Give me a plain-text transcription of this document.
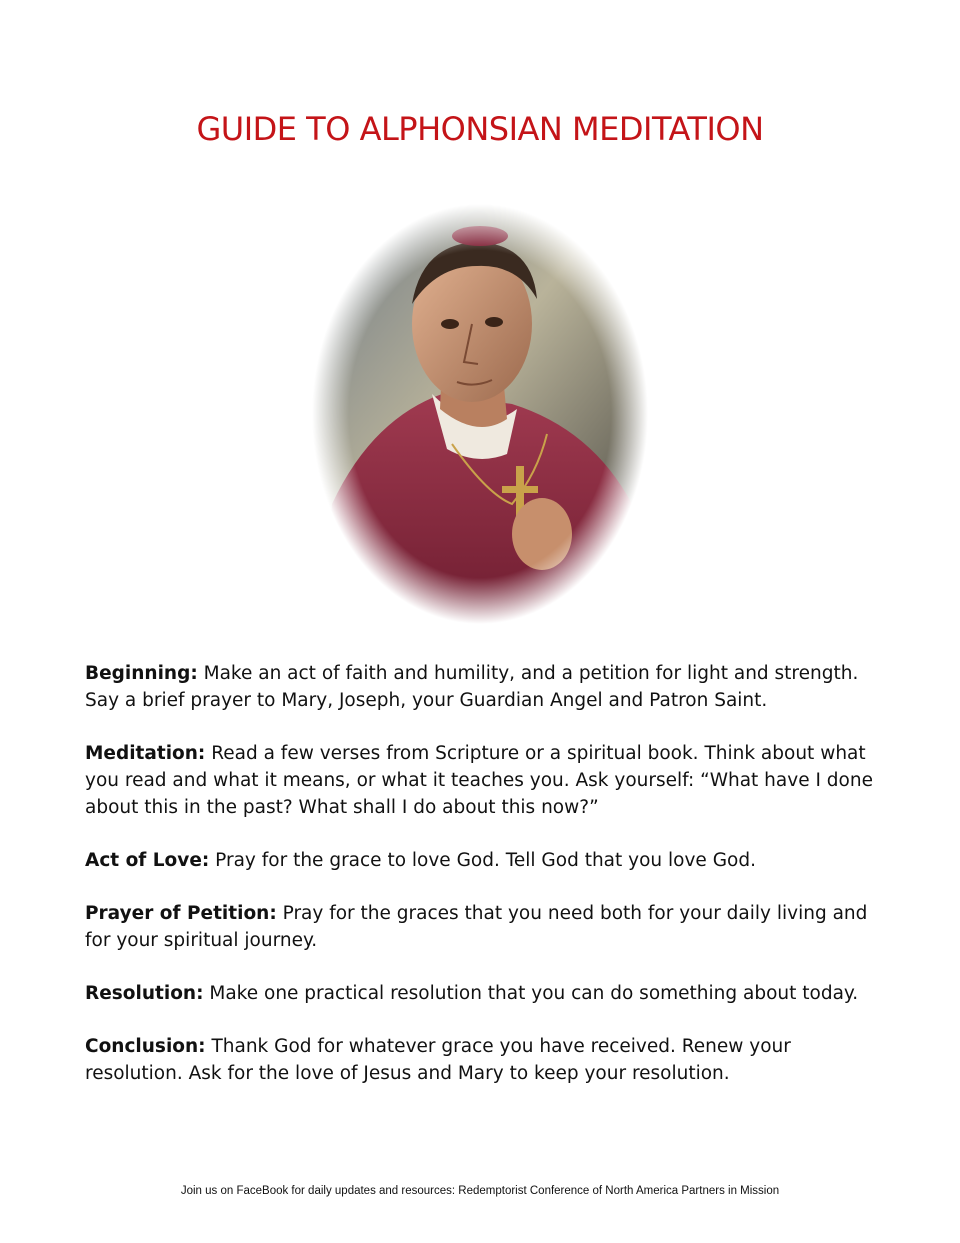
GUIDE TO ALPHONSIAN MEDITATION

Beginning: Make an act of faith and humility, and a petition for light and strength. Say a brief prayer to Mary, Joseph, your Guardian Angel and Patron Saint.

Meditation: Read a few verses from Scripture or a spiritual book. Think about what you read and what it means, or what it teaches you. Ask yourself: “What have I done about this in the past? What shall I do about this now?”

Act of Love: Pray for the grace to love God. Tell God that you love God.

Prayer of Petition: Pray for the graces that you need both for your daily living and for your spiritual journey.

Resolution: Make one practical resolution that you can do something about today.

Conclusion: Thank God for whatever grace you have received. Renew your resolution. Ask for the love of Jesus and Mary to keep your resolution.

Join us on FaceBook for daily updates and resources: Redemptorist Conference of North America Partners in Mission
